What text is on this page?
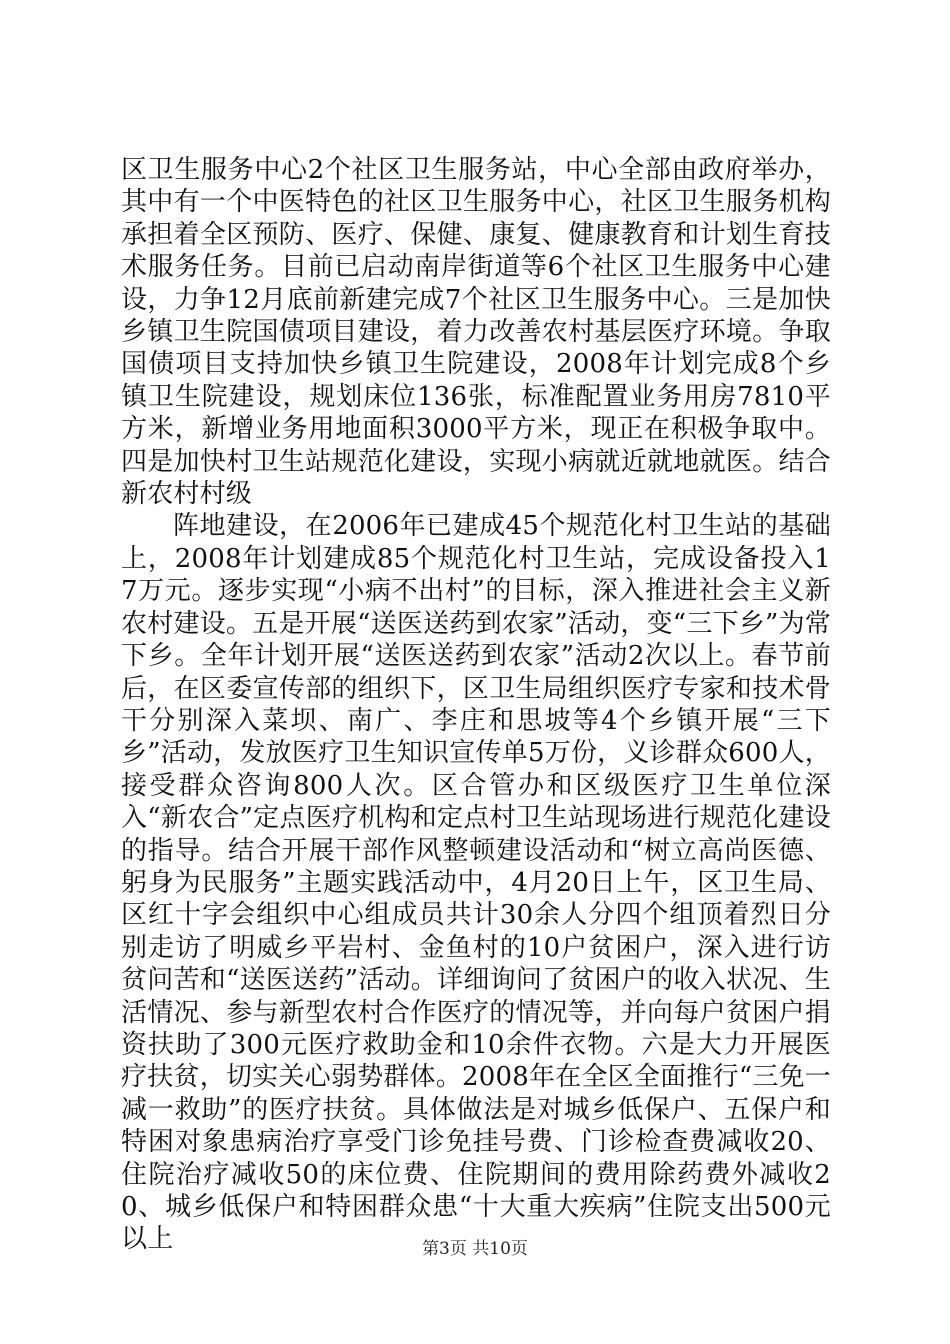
区卫生服务中心2个社区卫生服务站，中心全部由政府举办，其中有一个中医特色的社区卫生服务中心，社区卫生服务机构承担着全区预防、医疗、保健、康复、健康教育和计划生育技术服务任务。目前已启动南岸街道等6个社区卫生服务中心建设，力争12月底前新建完成7个社区卫生服务中心。三是加快乡镇卫生院国债项目建设，着力改善农村基层医疗环境。争取国债项目支持加快乡镇卫生院建设，2008年计划完成8个乡镇卫生院建设，规划床位136张，标准配置业务用房7810平方米，新增业务用地面积3000平方米，现正在积极争取中。四是加快村卫生站规范化建设，实现小病就近就地就医。结合新农村村级

阵地建设，在2006年已建成45个规范化村卫生站的基础上，2008年计划建成85个规范化村卫生站，完成设备投入17万元。逐步实现“小病不出村”的目标，深入推进社会主义新农村建设。五是开展“送医送药到农家”活动，变“三下乡”为常下乡。全年计划开展“送医送药到农家”活动2次以上。春节前后，在区委宣传部的组织下，区卫生局组织医疗专家和技术骨干分别深入菜坝、南广、李庄和思坡等4个乡镇开展“三下乡”活动，发放医疗卫生知识宣传单5万份，义诊群众600人，接受群众咨询800人次。区合管办和区级医疗卫生单位深入“新农合”定点医疗机构和定点村卫生站现场进行规范化建设的指导。结合开展干部作风整顿建设活动和“树立高尚医德、躬身为民服务”主题实践活动中，4月20日上午，区卫生局、区红十字会组织中心组成员共计30余人分四个组顶着烈日分别走访了明威乡平岩村、金鱼村的10户贫困户，深入进行访贫问苦和“送医送药”活动。详细询问了贫困户的收入状况、生活情况、参与新型农村合作医疗的情况等，并向每户贫困户捐资扶助了300元医疗救助金和10余件衣物。六是大力开展医疗扶贫，切实关心弱势群体。2008年在全区全面推行“三免一减一救助”的医疗扶贫。具体做法是对城乡低保户、五保户和特困对象患病治疗享受门诊免挂号费、门诊检查费减收20、住院治疗减收50的床位费、住院期间的费用除药费外减收20、城乡低保户和特困群众患“十大重大疾病”住院支出500元以上	第3页 共10页
